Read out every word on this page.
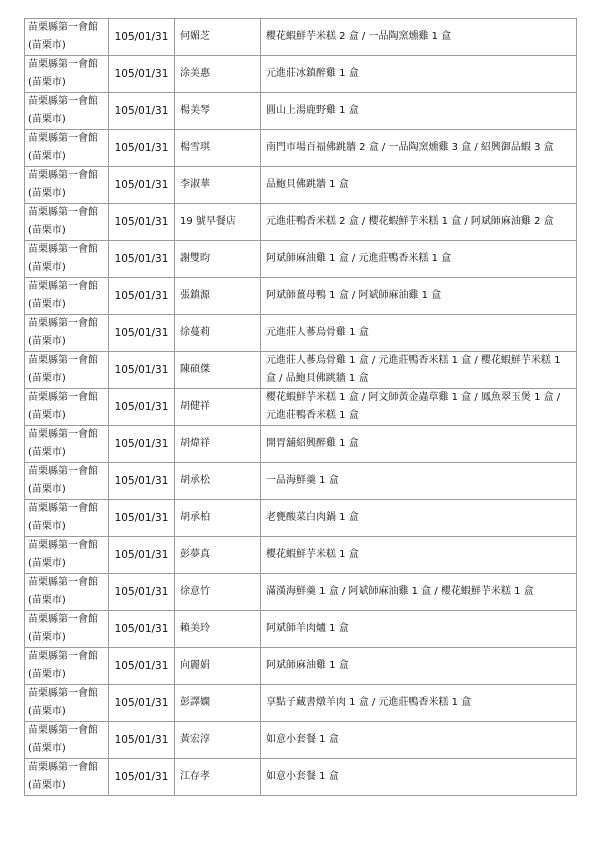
苗栗縣第一會館(苗栗市)	105/01/31	何媚芝	櫻花蝦鮮芋米糕 2 盒 / 一品陶窯燻雞 1 盒
苗栗縣第一會館(苗栗市)	105/01/31	涂美惠	元進莊冰鎮醉雞 1 盒
苗栗縣第一會館(苗栗市)	105/01/31	楊美琴	圓山上湯鹿野雞 1 盒
苗栗縣第一會館(苗栗市)	105/01/31	楊雪琪	南門市場百福佛跳牆 2 盒 / 一品陶窯燻雞 3 盒 / 紹興御品蝦 3 盒
苗栗縣第一會館(苗栗市)	105/01/31	李淑華	品鮑貝佛跳牆 1 盒
苗栗縣第一會館(苗栗市)	105/01/31	19 號早餐店	元進莊鴨香米糕 2 盒 / 櫻花蝦鮮芋米糕 1 盒 / 阿斌師麻油雞 2 盒
苗栗縣第一會館(苗栗市)	105/01/31	謝雙昀	阿斌師麻油雞 1 盒 / 元進莊鴨香米糕 1 盒
苗栗縣第一會館(苗栗市)	105/01/31	張鎮源	阿斌師薑母鴨 1 盒 / 阿斌師麻油雞 1 盒
苗栗縣第一會館(苗栗市)	105/01/31	徐蔓莉	元進莊人蔘烏骨雞 1 盒
苗栗縣第一會館(苗栗市)	105/01/31	陳碩傑	元進莊人蔘烏骨雞 1 盒 / 元進莊鴨香米糕 1 盒 / 櫻花蝦鮮芋米糕 1 盒 / 品鮑貝佛跳牆 1 盒
苗栗縣第一會館(苗栗市)	105/01/31	胡健祥	櫻花蝦鮮芋米糕 1 盒 / 阿文師黃金蟲草雞 1 盒 / 鳳魚翠玉煲 1 盒 / 元進莊鴨香米糕 1 盒
苗栗縣第一會館(苗栗市)	105/01/31	胡煒祥	開胃舖紹興醉雞 1 盒
苗栗縣第一會館(苗栗市)	105/01/31	胡承松	一品海鮮羹 1 盒
苗栗縣第一會館(苗栗市)	105/01/31	胡承柏	老甕酸菜白肉鍋 1 盒
苗栗縣第一會館(苗栗市)	105/01/31	彭夢真	櫻花蝦鮮芋米糕 1 盒
苗栗縣第一會館(苗栗市)	105/01/31	徐意竹	滿漢海鮮羹 1 盒 / 阿斌師麻油雞 1 盒 / 櫻花蝦鮮芋米糕 1 盒
苗栗縣第一會館(苗栗市)	105/01/31	賴美玲	阿斌師羊肉爐 1 盒
苗栗縣第一會館(苗栗市)	105/01/31	向麗娟	阿斌師麻油雞 1 盒
苗栗縣第一會館(苗栗市)	105/01/31	彭譯嫻	享點子藏書燉羊肉 1 盒 / 元進莊鴨香米糕 1 盒
苗栗縣第一會館(苗栗市)	105/01/31	黃宏淳	如意小套餐 1 盒
苗栗縣第一會館(苗栗市)	105/01/31	江存孝	如意小套餐 1 盒
